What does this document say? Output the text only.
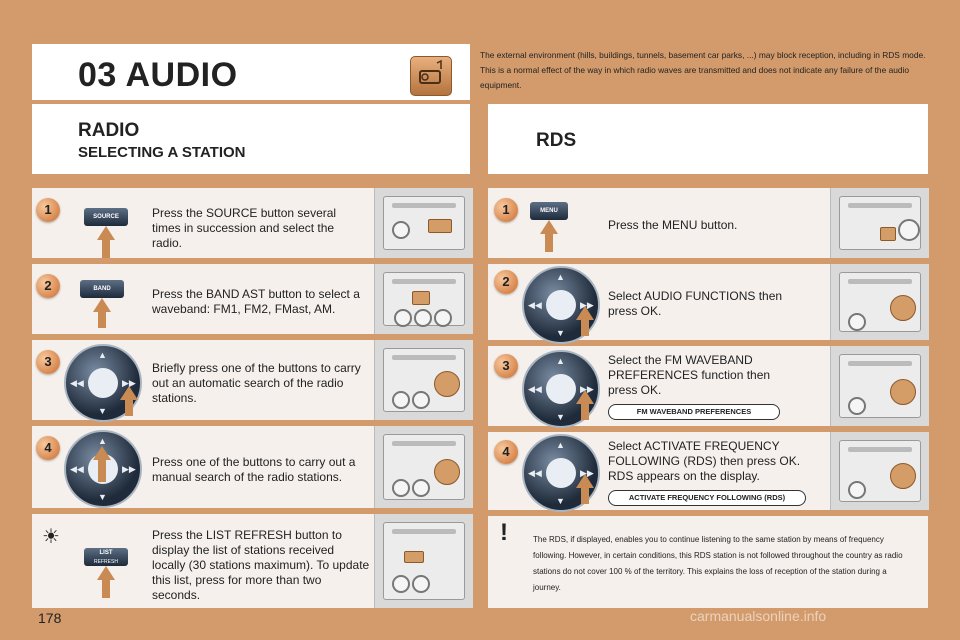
03 AUDIO
The external environment (hills, buildings, tunnels, basement car parks, ...) may block reception, including in RDS mode. This is a normal effect of the way in which radio waves are transmitted and does not indicate any failure of the audio equipment.
RADIO
SELECTING A STATION
RDS
1	SOURCE	Press the SOURCE button several times in succession and select the radio.
2	BAND	Press the BAND AST button to select a waveband: FM1, FM2, FMast, AM.
3	▲
▼
◀◀	▶▶
Briefly press one of the buttons to carry out an automatic search of the radio stations.
4	▲
▼
◀◀	▶▶ Press one of the buttons to carry out a manual search of the radio stations.
☀
LIST
REFRESH
Press the LIST REFRESH button to display the list of stations received locally (30 stations maximum). To update this list, press for more than two seconds.
1	MENU
Press the MENU button.
2	▲
▼
◀◀	▶▶
Select AUDIO FUNCTIONS then press OK.
3	▲
▼
◀◀	▶▶
Select the FM WAVEBAND PREFERENCES function then press OK.
FM WAVEBAND PREFERENCES
4	▲
▼
◀◀	▶▶
Select ACTIVATE FREQUENCY FOLLOWING (RDS) then press OK. RDS appears on the display.
ACTIVATE FREQUENCY FOLLOWING (RDS)
!	The RDS, if displayed, enables you to continue listening to the same station by means of frequency following. However, in certain conditions, this RDS station is not followed throughout the country as radio stations do not cover 100 % of the territory. This explains the loss of reception of the station during a journey.
178	carmanualsonline.info
